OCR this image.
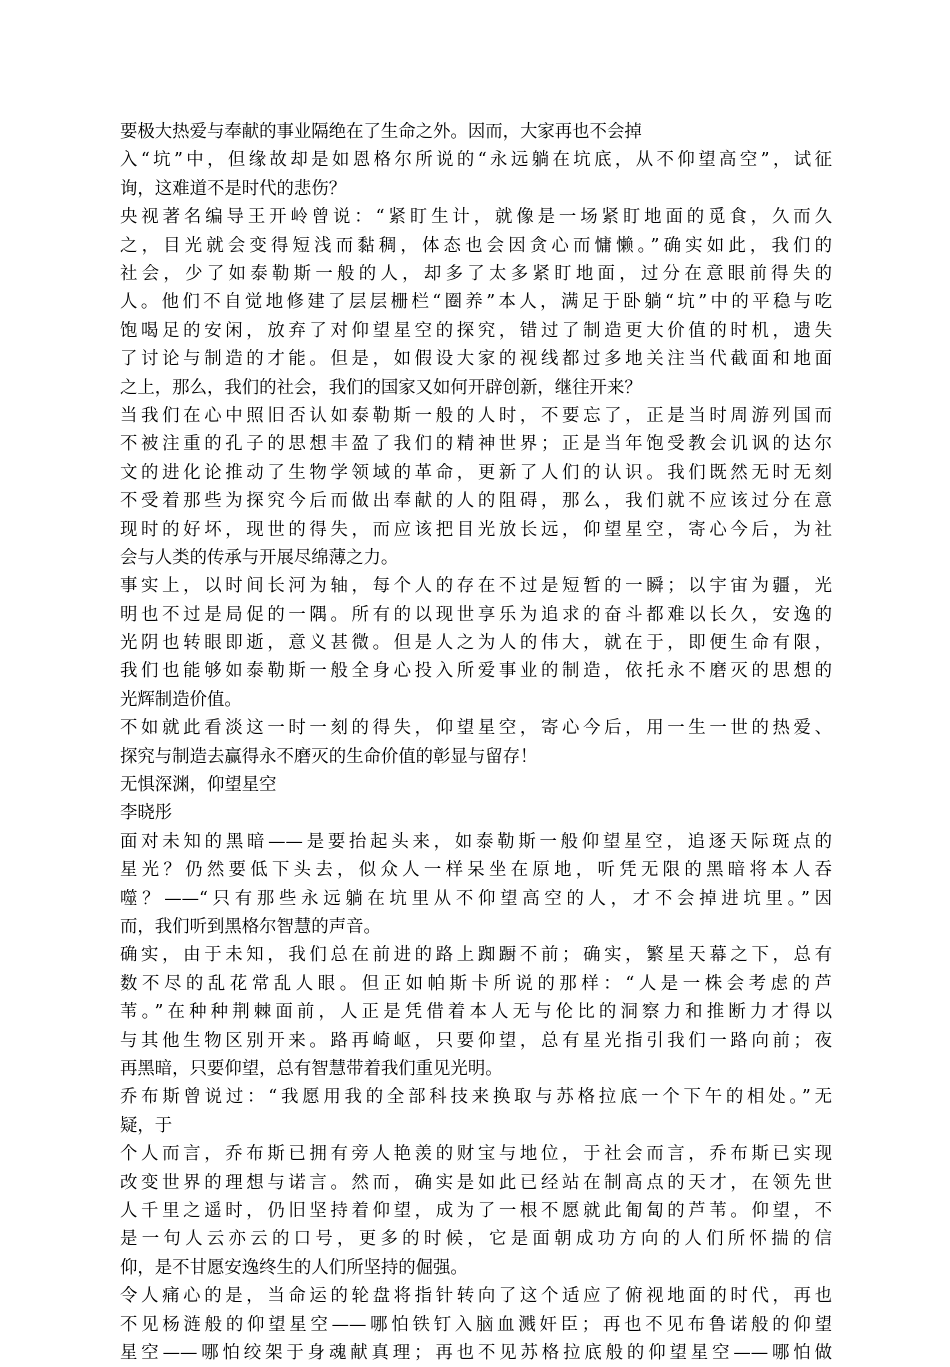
要极大热爱与奉献的事业隔绝在了生命之外。因而，大家再也不会掉
入“坑”中，但缘故却是如恩格尔所说的“永远躺在坑底，从不仰望高空”，试征
询，这难道不是时代的悲伤？
央视著名编导王开岭曾说：“紧盯生计，就像是一场紧盯地面的觅食，久而久
之，目光就会变得短浅而黏稠，体态也会因贪心而慵懒。”确实如此，我们的
社会，少了如泰勒斯一般的人，却多了太多紧盯地面，过分在意眼前得失的
人。他们不自觉地修建了层层栅栏“圈养”本人，满足于卧躺“坑”中的平稳与吃
饱喝足的安闲，放弃了对仰望星空的探究，错过了制造更大价值的时机，遗失
了讨论与制造的才能。但是，如假设大家的视线都过多地关注当代截面和地面
之上，那么，我们的社会，我们的国家又如何开辟创新，继往开来？
当我们在心中照旧否认如泰勒斯一般的人时，不要忘了，正是当时周游列国而
不被注重的孔子的思想丰盈了我们的精神世界；正是当年饱受教会讥讽的达尔
文的进化论推动了生物学领域的革命，更新了人们的认识。我们既然无时无刻
不受着那些为探究今后而做出奉献的人的阻碍，那么，我们就不应该过分在意
现时的好坏，现世的得失，而应该把目光放长远，仰望星空，寄心今后，为社
会与人类的传承与开展尽绵薄之力。
事实上，以时间长河为轴，每个人的存在不过是短暂的一瞬；以宇宙为疆，光
明也不过是局促的一隅。所有的以现世享乐为追求的奋斗都难以长久，安逸的
光阴也转眼即逝，意义甚微。但是人之为人的伟大，就在于，即便生命有限，
我们也能够如泰勒斯一般全身心投入所爱事业的制造，依托永不磨灭的思想的
光辉制造价值。
不如就此看淡这一时一刻的得失，仰望星空，寄心今后，用一生一世的热爱、
探究与制造去赢得永不磨灭的生命价值的彰显与留存！
无惧深渊，仰望星空
李晓彤
面对未知的黑暗——是要抬起头来，如泰勒斯一般仰望星空，追逐天际斑点的
星光？仍然要低下头去，似众人一样呆坐在原地，听凭无限的黑暗将本人吞
噬？——“只有那些永远躺在坑里从不仰望高空的人，才不会掉进坑里。”因
而，我们听到黑格尔智慧的声音。
确实，由于未知，我们总在前进的路上踟蹰不前；确实，繁星天幕之下，总有
数不尽的乱花常乱人眼。但正如帕斯卡所说的那样：“人是一株会考虑的芦
苇。”在种种荆棘面前，人正是凭借着本人无与伦比的洞察力和推断力才得以
与其他生物区别开来。路再崎岖，只要仰望，总有星光指引我们一路向前；夜
再黑暗，只要仰望，总有智慧带着我们重见光明。
乔布斯曾说过：“我愿用我的全部科技来换取与苏格拉底一个下午的相处。”无
疑，于
个人而言，乔布斯已拥有旁人艳羡的财宝与地位，于社会而言，乔布斯已实现
改变世界的理想与诺言。然而，确实是如此已经站在制高点的天才，在领先世
人千里之遥时，仍旧坚持着仰望，成为了一根不愿就此匍匐的芦苇。仰望，不
是一句人云亦云的口号，更多的时候，它是面朝成功方向的人们所怀揣的信
仰，是不甘愿安逸终生的人们所坚持的倔强。
令人痛心的是，当命运的轮盘将指针转向了这个适应了俯视地面的时代，再也
不见杨涟般的仰望星空——哪怕铁钉入脑血溅奸臣；再也不见布鲁诺般的仰望
星空——哪怕绞架于身魂献真理；再也不见苏格拉底般的仰望星空——哪怕做
